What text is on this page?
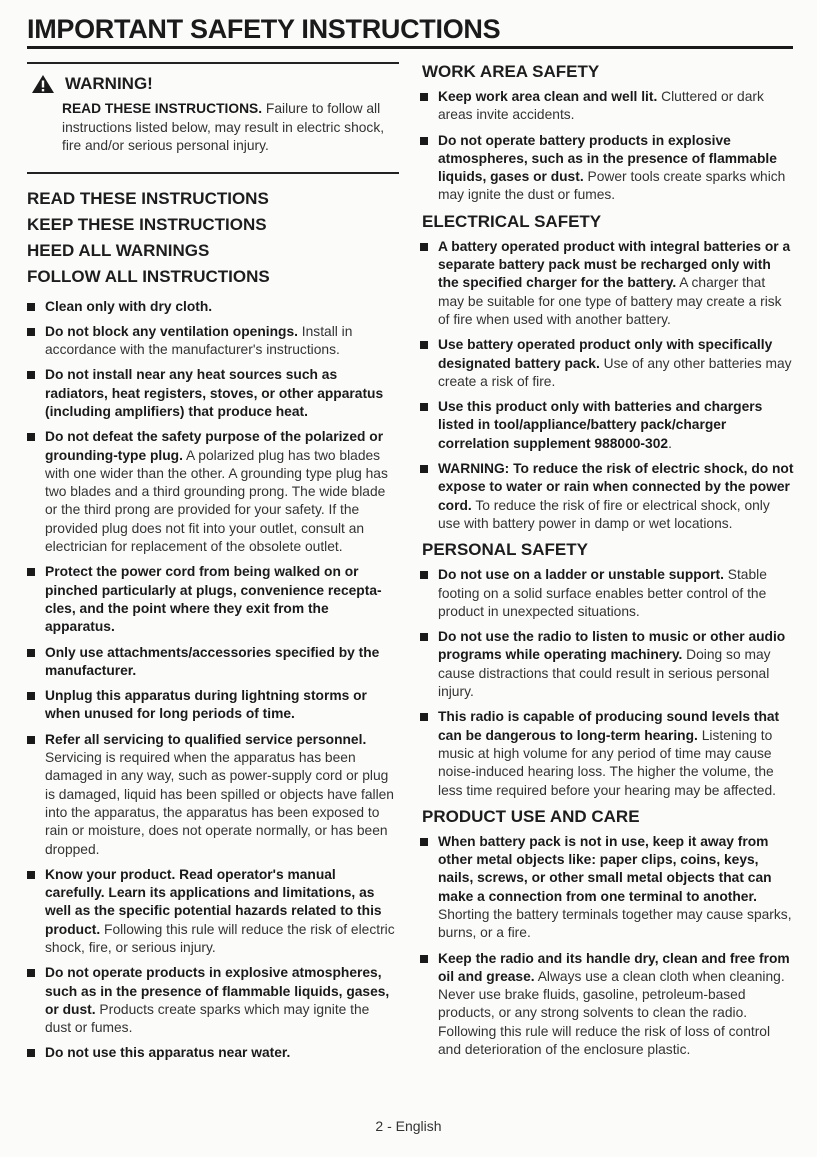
IMPORTANT SAFETY INSTRUCTIONS
WARNING!
READ THESE INSTRUCTIONS. Failure to follow all instructions listed below, may result in electric shock, fire and/or serious personal injury.
READ THESE INSTRUCTIONS
KEEP THESE INSTRUCTIONS
HEED ALL WARNINGS
FOLLOW ALL INSTRUCTIONS
Clean only with dry cloth.
Do not block any ventilation openings. Install in accordance with the manufacturer's instructions.
Do not install near any heat sources such as radiators, heat registers, stoves, or other apparatus (including amplifiers) that produce heat.
Do not defeat the safety purpose of the polarized or grounding-type plug. A polarized plug has two blades with one wider than the other. A grounding type plug has two blades and a third grounding prong. The wide blade or the third prong are provided for your safety. If the provided plug does not fit into your outlet, consult an electrician for replacement of the obsolete outlet.
Protect the power cord from being walked on or pinched particularly at plugs, convenience recepta-cles, and the point where they exit from the apparatus.
Only use attachments/accessories specified by the manufacturer.
Unplug this apparatus during lightning storms or when unused for long periods of time.
Refer all servicing to qualified service personnel. Servicing is required when the apparatus has been damaged in any way, such as power-supply cord or plug is damaged, liquid has been spilled or objects have fallen into the apparatus, the apparatus has been exposed to rain or moisture, does not operate normally, or has been dropped.
Know your product. Read operator's manual carefully. Learn its applications and limitations, as well as the specific potential hazards related to this product. Following this rule will reduce the risk of electric shock, fire, or serious injury.
Do not operate products in explosive atmospheres, such as in the presence of flammable liquids, gases, or dust. Products create sparks which may ignite the dust or fumes.
Do not use this apparatus near water.
WORK AREA SAFETY
Keep work area clean and well lit. Cluttered or dark areas invite accidents.
Do not operate battery products in explosive atmospheres, such as in the presence of flammable liquids, gases or dust. Power tools create sparks which may ignite the dust or fumes.
ELECTRICAL SAFETY
A battery operated product with integral batteries or a separate battery pack must be recharged only with the specified charger for the battery. A charger that may be suitable for one type of battery may create a risk of fire when used with another battery.
Use battery operated product only with specifically designated battery pack. Use of any other batteries may create a risk of fire.
Use this product only with batteries and chargers listed in tool/appliance/battery pack/charger correlation supplement 988000-302.
WARNING: To reduce the risk of electric shock, do not expose to water or rain when connected by the power cord. To reduce the risk of fire or electrical shock, only use with battery power in damp or wet locations.
PERSONAL SAFETY
Do not use on a ladder or unstable support. Stable footing on a solid surface enables better control of the product in unexpected situations.
Do not use the radio to listen to music or other audio programs while operating machinery. Doing so may cause distractions that could result in serious personal injury.
This radio is capable of producing sound levels that can be dangerous to long-term hearing. Listening to music at high volume for any period of time may cause noise-induced hearing loss. The higher the volume, the less time required before your hearing may be affected.
PRODUCT USE AND CARE
When battery pack is not in use, keep it away from other metal objects like: paper clips, coins, keys, nails, screws, or other small metal objects that can make a connection from one terminal to another. Shorting the battery terminals together may cause sparks, burns, or a fire.
Keep the radio and its handle dry, clean and free from oil and grease. Always use a clean cloth when cleaning. Never use brake fluids, gasoline, petroleum-based products, or any strong solvents to clean the radio. Following this rule will reduce the risk of loss of control and deterioration of the enclosure plastic.
2 - English
